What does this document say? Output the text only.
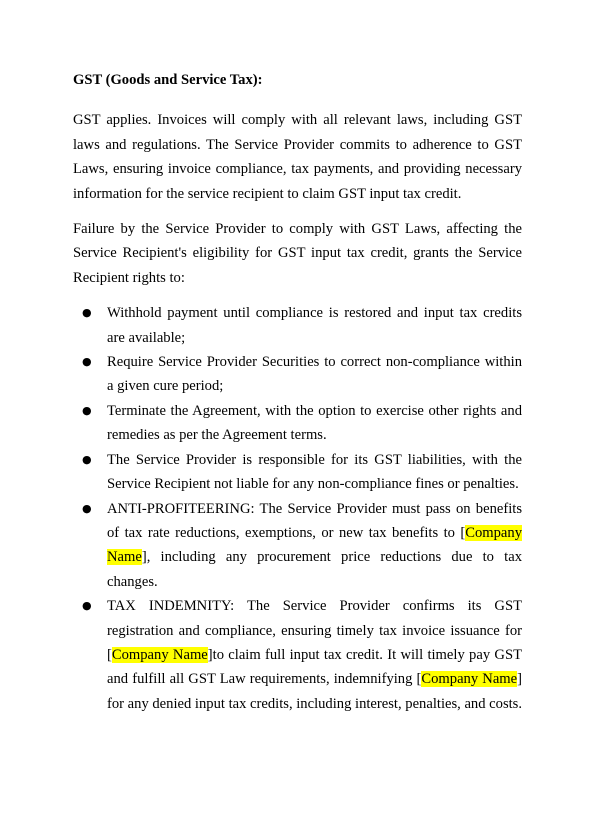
GST (Goods and Service Tax):

GST applies. Invoices will comply with all relevant laws, including GST laws and regulations. The Service Provider commits to adherence to GST Laws, ensuring invoice compliance, tax payments, and providing necessary information for the service recipient to claim GST input tax credit.

Failure by the Service Provider to comply with GST Laws, affecting the Service Recipient's eligibility for GST input tax credit, grants the Service Recipient rights to:

● Withhold payment until compliance is restored and input tax credits are available;
● Require Service Provider Securities to correct non-compliance within a given cure period;
● Terminate the Agreement, with the option to exercise other rights and remedies as per the Agreement terms.
● The Service Provider is responsible for its GST liabilities, with the Service Recipient not liable for any non-compliance fines or penalties.
● ANTI-PROFITEERING: The Service Provider must pass on benefits of tax rate reductions, exemptions, or new tax benefits to [Company Name], including any procurement price reductions due to tax changes.
● TAX INDEMNITY: The Service Provider confirms its GST registration and compliance, ensuring timely tax invoice issuance for [Company Name]to claim full input tax credit. It will timely pay GST and fulfill all GST Law requirements, indemnifying [Company Name] for any denied input tax credits, including interest, penalties, and costs.
